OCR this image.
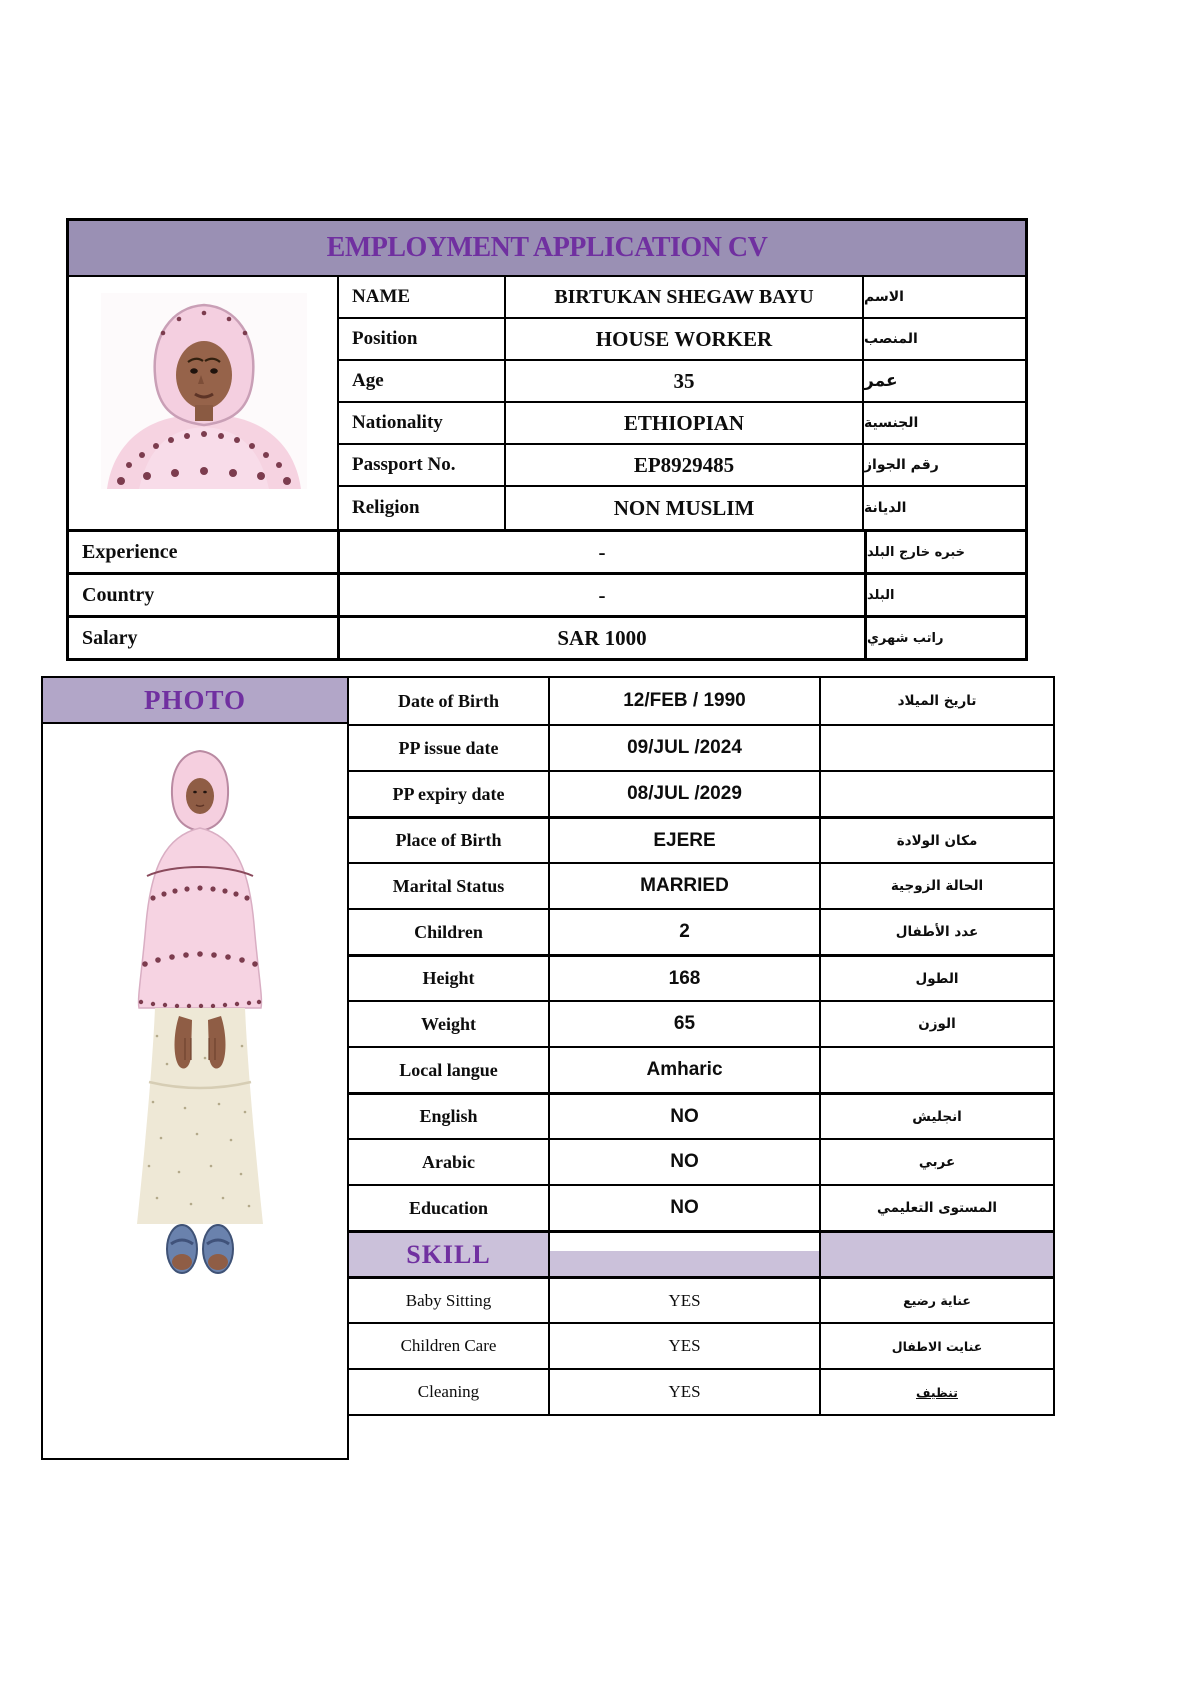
EMPLOYMENT APPLICATION CV
NAME	BIRTUKAN SHEGAW BAYU	الاسم
Position	HOUSE WORKER	المنصب
Age	35	عمر
Nationality	ETHIOPIAN	الجنسية
Passport No.	EP8929485	رقم الجواز
Religion	NON MUSLIM	الديانة
Experience	-	خبره خارج البلد
Country	-	البلد
Salary	SAR 1000	راتب شهري
PHOTO	Date of Birth	12/FEB / 1990	تاريخ الميلاد
PP issue date	09/JUL /2024
PP expiry date	08/JUL /2029
Place of Birth	EJERE	مكان الولادة
Marital Status	MARRIED	الحالة الزوجية
Children	2	عدد الأطفال
Height	168	الطول
Weight	65	الوزن
Local langue	Amharic
English	NO	انجليش
Arabic	NO	عربي
Education	NO	المستوى التعليمي
SKILL
Baby Sitting	YES	عناية رضيع
Children Care	YES	عنايت الاطفال
Cleaning	YES	تنظيف
